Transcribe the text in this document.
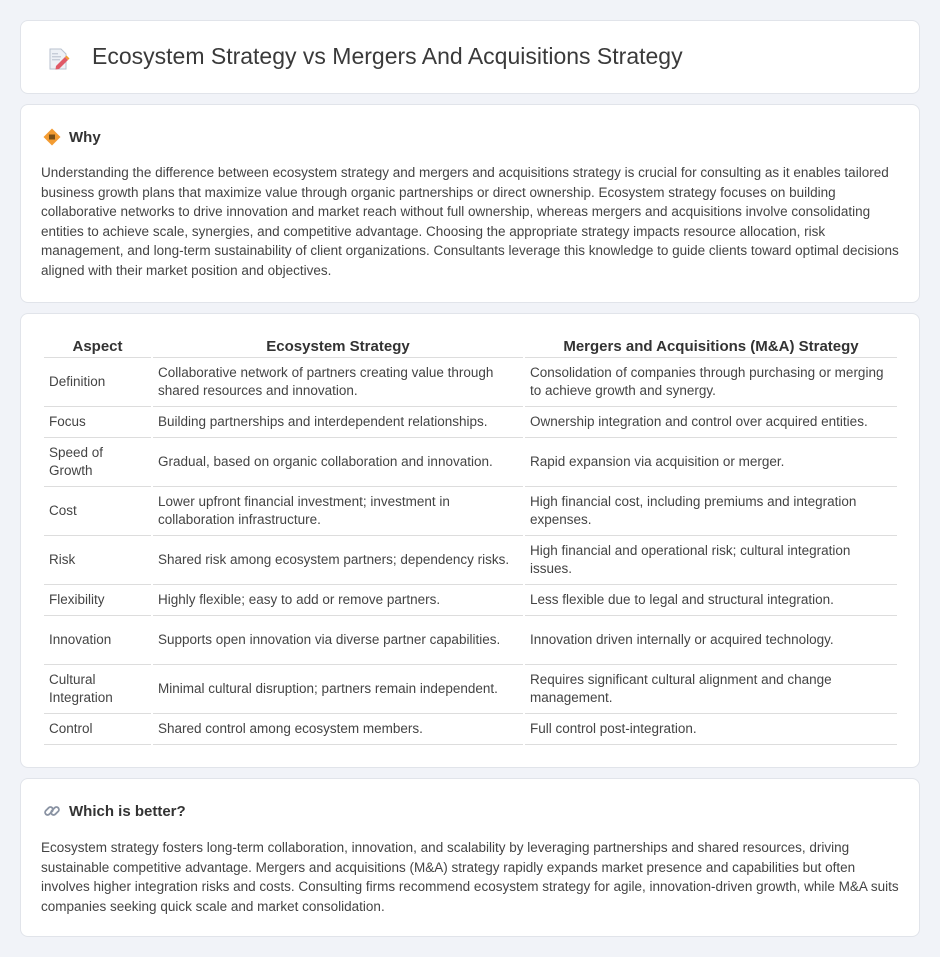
Ecosystem Strategy vs Mergers And Acquisitions Strategy
Why

Understanding the difference between ecosystem strategy and mergers and acquisitions strategy is crucial for consulting as it enables tailored business growth plans that maximize value through organic partnerships or direct ownership. Ecosystem strategy focuses on building collaborative networks to drive innovation and market reach without full ownership, whereas mergers and acquisitions involve consolidating entities to achieve scale, synergies, and competitive advantage. Choosing the appropriate strategy impacts resource allocation, risk management, and long-term sustainability of client organizations. Consultants leverage this knowledge to guide clients toward optimal decisions aligned with their market position and objectives.

Aspect	Ecosystem Strategy	Mergers and Acquisitions (M&A) Strategy
Definition	Collaborative network of partners creating value through shared resources and innovation.	Consolidation of companies through purchasing or merging to achieve growth and synergy.
Focus	Building partnerships and interdependent relationships.	Ownership integration and control over acquired entities.
Speed of Growth	Gradual, based on organic collaboration and innovation.	Rapid expansion via acquisition or merger.
Cost	Lower upfront financial investment; investment in collaboration infrastructure.	High financial cost, including premiums and integration expenses.
Risk	Shared risk among ecosystem partners; dependency risks.	High financial and operational risk; cultural integration issues.
Flexibility	Highly flexible; easy to add or remove partners.	Less flexible due to legal and structural integration.
Innovation	Supports open innovation via diverse partner capabilities.	Innovation driven internally or acquired technology.
Cultural Integration	Minimal cultural disruption; partners remain independent.	Requires significant cultural alignment and change management.
Control	Shared control among ecosystem members.	Full control post-integration.
Which is better?

Ecosystem strategy fosters long-term collaboration, innovation, and scalability by leveraging partnerships and shared resources, driving sustainable competitive advantage. Mergers and acquisitions (M&A) strategy rapidly expands market presence and capabilities but often involves higher integration risks and costs. Consulting firms recommend ecosystem strategy for agile, innovation-driven growth, while M&A suits companies seeking quick scale and market consolidation.
